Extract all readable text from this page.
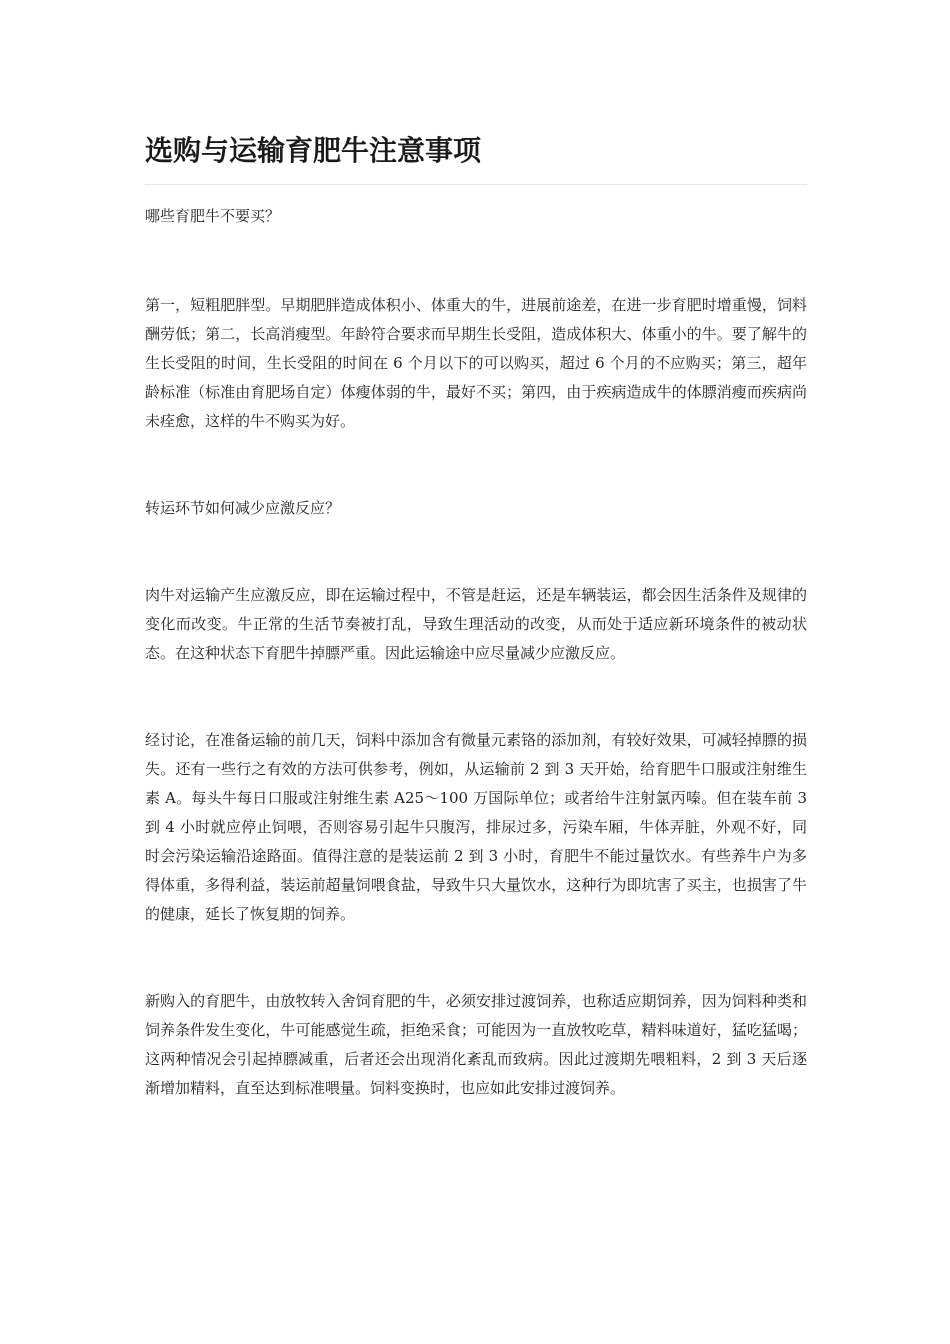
选购与运输育肥牛注意事项

哪些育肥牛不要买？

第一，短粗肥胖型。早期肥胖造成体积小、体重大的牛，进展前途差，在进一步育肥时增重慢，饲料酬劳低；第二，长高消瘦型。年龄符合要求而早期生长受阻，造成体积大、体重小的牛。要了解牛的生长受阻的时间，生长受阻的时间在 6 个月以下的可以购买，超过 6 个月的不应购买；第三，超年龄标准（标准由育肥场自定）体瘦体弱的牛，最好不买；第四，由于疾病造成牛的体膘消瘦而疾病尚未痊愈，这样的牛不购买为好。

转运环节如何减少应激反应？

肉牛对运输产生应激反应，即在运输过程中，不管是赶运，还是车辆装运，都会因生活条件及规律的变化而改变。牛正常的生活节奏被打乱，导致生理活动的改变，从而处于适应新环境条件的被动状态。在这种状态下育肥牛掉膘严重。因此运输途中应尽量减少应激反应。

经讨论，在准备运输的前几天，饲料中添加含有微量元素铬的添加剂，有较好效果，可减轻掉膘的损失。还有一些行之有效的方法可供参考，例如，从运输前 2 到 3 天开始，给育肥牛口服或注射维生素 A。每头牛每日口服或注射维生素 A25～100 万国际单位；或者给牛注射氯丙嗪。但在装车前 3 到 4 小时就应停止饲喂，否则容易引起牛只腹泻，排尿过多，污染车厢，牛体弄脏，外观不好，同时会污染运输沿途路面。值得注意的是装运前 2 到 3 小时，育肥牛不能过量饮水。有些养牛户为多得体重，多得利益，装运前超量饲喂食盐，导致牛只大量饮水，这种行为即坑害了买主，也损害了牛的健康，延长了恢复期的饲养。

新购入的育肥牛，由放牧转入舍饲育肥的牛，必须安排过渡饲养，也称适应期饲养，因为饲料种类和饲养条件发生变化，牛可能感觉生疏，拒绝采食；可能因为一直放牧吃草，精料味道好，猛吃猛喝；这两种情况会引起掉膘减重，后者还会出现消化紊乱而致病。因此过渡期先喂粗料，2 到 3 天后逐渐增加精料，直至达到标准喂量。饲料变换时，也应如此安排过渡饲养。
